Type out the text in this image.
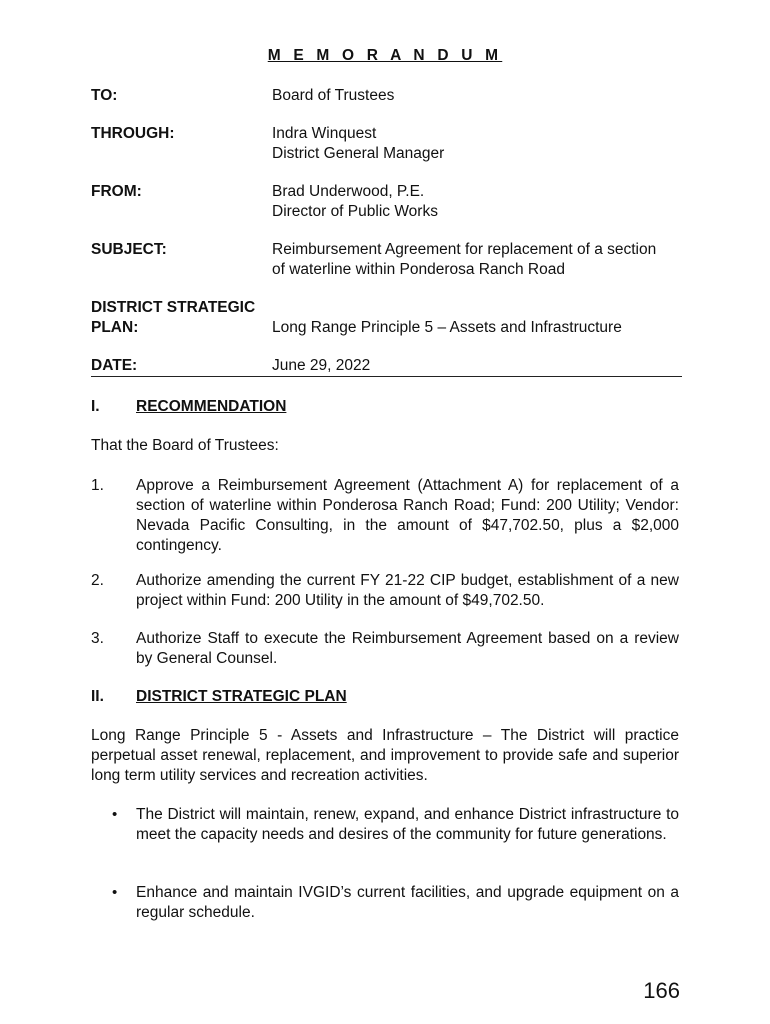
M E M O R A N D U M
TO:	Board of Trustees
THROUGH:	Indra Winquest
District General Manager
FROM:	Brad Underwood, P.E.
Director of Public Works
SUBJECT:	Reimbursement Agreement for replacement of a section
of waterline within Ponderosa Ranch Road
DISTRICT STRATEGIC
PLAN:	Long Range Principle 5 – Assets and Infrastructure
DATE:	June 29, 2022
I. RECOMMENDATION
That the Board of Trustees:
1. Approve a Reimbursement Agreement (Attachment A) for replacement of a section of waterline within Ponderosa Ranch Road; Fund: 200 Utility; Vendor: Nevada Pacific Consulting, in the amount of $47,702.50, plus a $2,000 contingency.
2. Authorize amending the current FY 21-22 CIP budget, establishment of a new project within Fund: 200 Utility in the amount of $49,702.50.
3. Authorize Staff to execute the Reimbursement Agreement based on a review by General Counsel.
II. DISTRICT STRATEGIC PLAN
Long Range Principle 5 - Assets and Infrastructure – The District will practice perpetual asset renewal, replacement, and improvement to provide safe and superior long term utility services and recreation activities.
• The District will maintain, renew, expand, and enhance District infrastructure to meet the capacity needs and desires of the community for future generations.
• Enhance and maintain IVGID’s current facilities, and upgrade equipment on a regular schedule.
166
